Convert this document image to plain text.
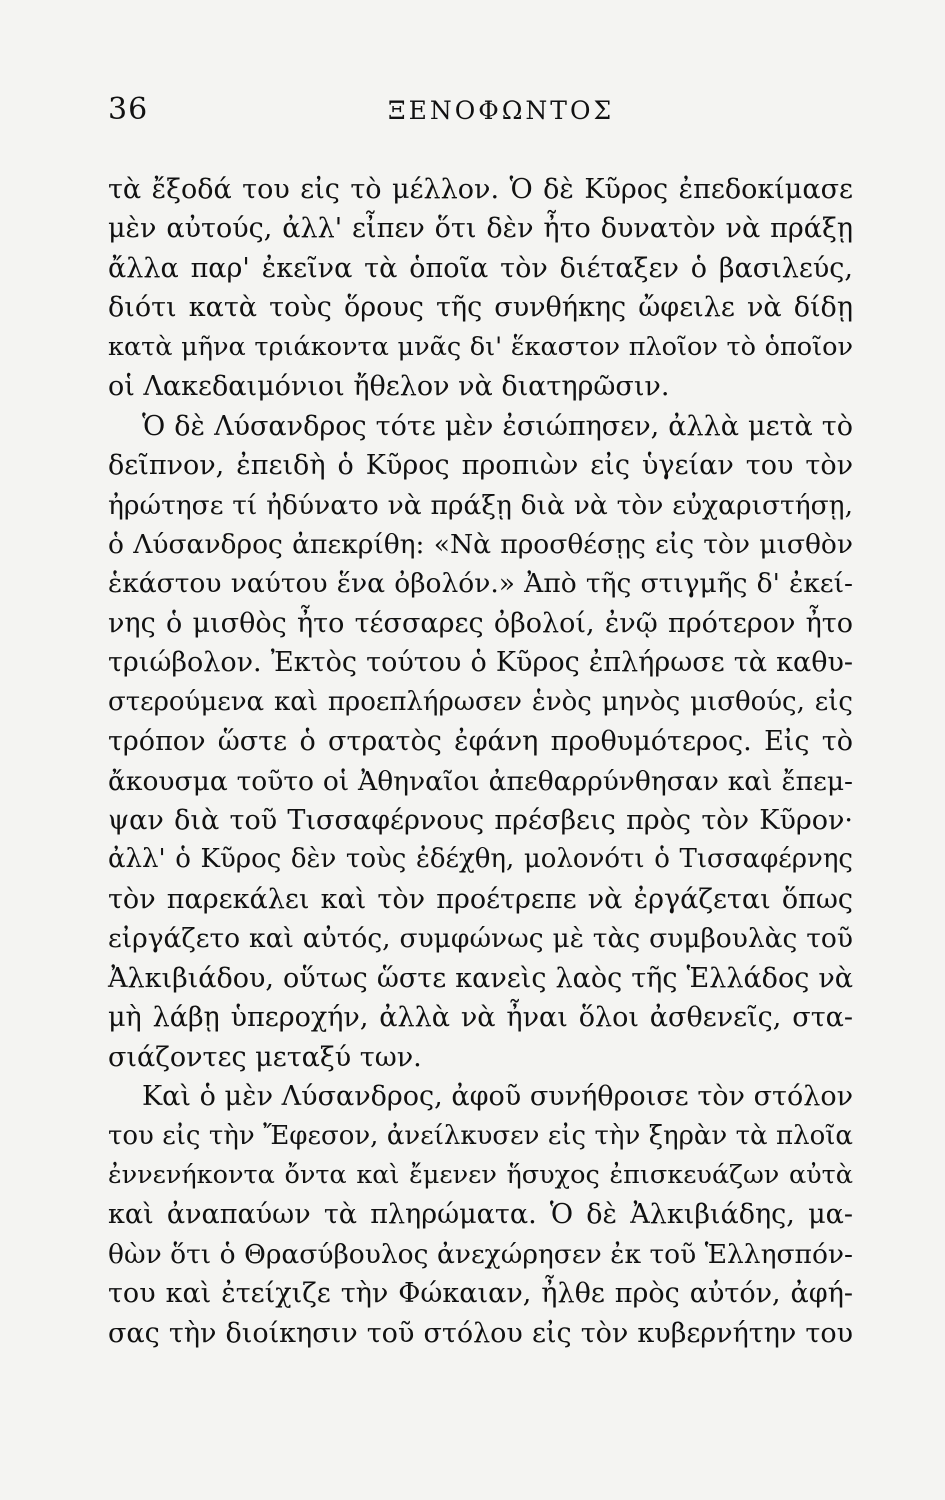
36	ΞΕΝΟΦΩΝΤΟΣ
τὰ ἔξοδά του εἰς τὸ μέλλον. Ὁ δὲ Κῦρος ἐπεδοκίμασε
μὲν αὐτούς, ἀλλ' εἶπεν ὅτι δὲν ἦτο δυνατὸν νὰ πράξῃ
ἄλλα παρ' ἐκεῖνα τὰ ὁποῖα τὸν διέταξεν ὁ βασιλεύς,
διότι κατὰ τοὺς ὅρους τῆς συνθήκης ὤφειλε νὰ δίδῃ
κατὰ μῆνα τριάκοντα μνᾶς δι' ἕκαστον πλοῖον τὸ ὁποῖον
οἱ Λακεδαιμόνιοι ἤθελον νὰ διατηρῶσιν.
Ὁ δὲ Λύσανδρος τότε μὲν ἐσιώπησεν, ἀλλὰ μετὰ τὸ
δεῖπνον, ἐπειδὴ ὁ Κῦρος προπιὼν εἰς ὑγείαν του τὸν
ἠρώτησε τί ἠδύνατο νὰ πράξῃ διὰ νὰ τὸν εὐχαριστήσῃ,
ὁ Λύσανδρος ἀπεκρίθη: «Νὰ προσθέσῃς εἰς τὸν μισθὸν
ἑκάστου ναύτου ἕνα ὀβολόν.» Ἀπὸ τῆς στιγμῆς δ' ἐκεί-
νης ὁ μισθὸς ἦτο τέσσαρες ὀβολοί, ἐνῷ πρότερον ἦτο
τριώβολον. Ἐκτὸς τούτου ὁ Κῦρος ἐπλήρωσε τὰ καθυ-
στερούμενα καὶ προεπλήρωσεν ἑνὸς μηνὸς μισθούς, εἰς
τρόπον ὥστε ὁ στρατὸς ἐφάνη προθυμότερος. Εἰς τὸ
ἄκουσμα τοῦτο οἱ Ἀθηναῖοι ἀπεθαρρύνθησαν καὶ ἔπεμ-
ψαν διὰ τοῦ Τισσαφέρνους πρέσβεις πρὸς τὸν Κῦρον·
ἀλλ' ὁ Κῦρος δὲν τοὺς ἐδέχθη, μολονότι ὁ Τισσαφέρνης
τὸν παρεκάλει καὶ τὸν προέτρεπε νὰ ἐργάζεται ὅπως
εἰργάζετο καὶ αὐτός, συμφώνως μὲ τὰς συμβουλὰς τοῦ
Ἀλκιβιάδου, οὕτως ὥστε κανεὶς λαὸς τῆς Ἑλλάδος νὰ
μὴ λάβῃ ὑπεροχήν, ἀλλὰ νὰ ἦναι ὅλοι ἀσθενεῖς, στα-
σιάζοντες μεταξύ των.
Καὶ ὁ μὲν Λύσανδρος, ἀφοῦ συνήθροισε τὸν στόλον
του εἰς τὴν Ἔφεσον, ἀνείλκυσεν εἰς τὴν ξηρὰν τὰ πλοῖα
ἐννενήκοντα ὄντα καὶ ἔμενεν ἥσυχος ἐπισκευάζων αὐτὰ
καὶ ἀναπαύων τὰ πληρώματα. Ὁ δὲ Ἀλκιβιάδης, μα-
θὼν ὅτι ὁ Θρασύβουλος ἀνεχώρησεν ἐκ τοῦ Ἑλλησπόν-
του καὶ ἐτείχιζε τὴν Φώκαιαν, ἦλθε πρὸς αὐτόν, ἀφή-
σας τὴν διοίκησιν τοῦ στόλου εἰς τὸν κυβερνήτην του
